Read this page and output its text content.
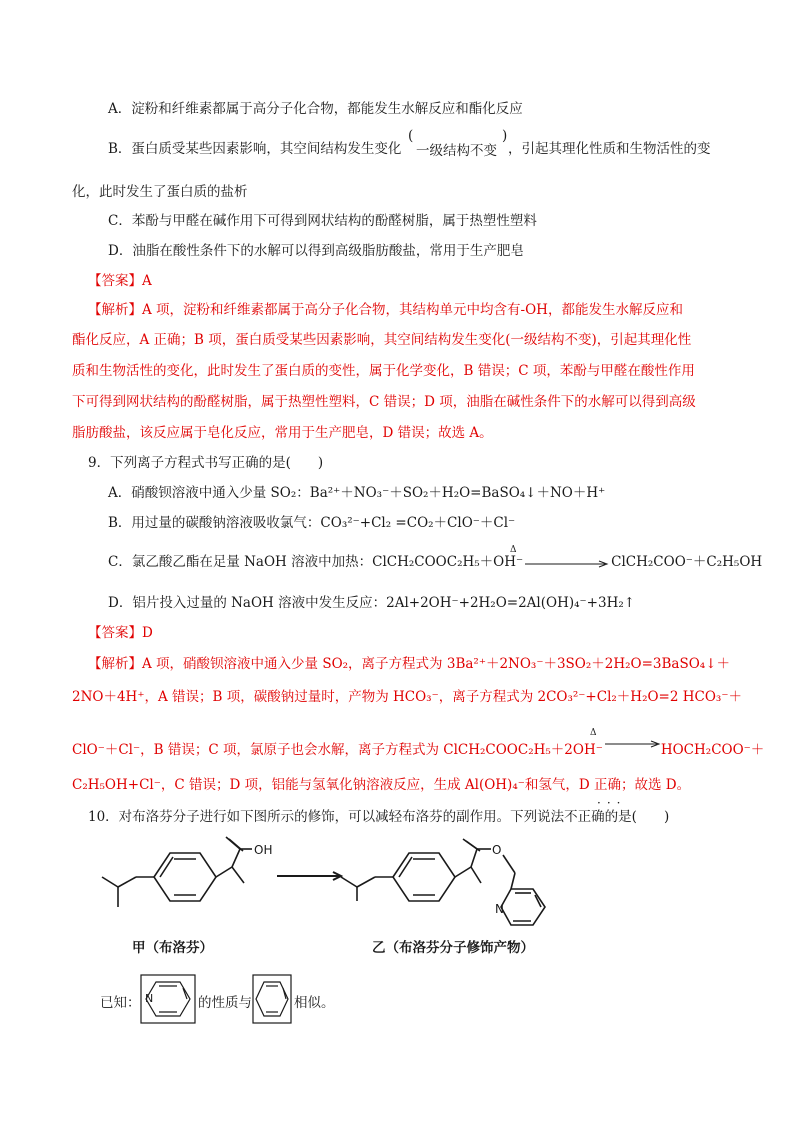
A．淀粉和纤维素都属于高分子化合物，都能发生水解反应和酯化反应
B．蛋白质受某些因素影响，其空间结构发生变化
(	)
一级结构不变 ，引起其理化性质和生物活性的变
化，此时发生了蛋白质的盐析
C．苯酚与甲醛在碱作用下可得到网状结构的酚醛树脂，属于热塑性塑料
D．油脂在酸性条件下的水解可以得到高级脂肪酸盐，常用于生产肥皂
【答案】A
【解析】A 项，淀粉和纤维素都属于高分子化合物，其结构单元中均含有-OH，都能发生水解反应和
酯化反应，A 正确；B 项，蛋白质受某些因素影响，其空间结构发生变化(一级结构不变)，引起其理化性
质和生物活性的变化，此时发生了蛋白质的变性，属于化学变化，B 错误；C 项，苯酚与甲醛在酸性作用
下可得到网状结构的酚醛树脂，属于热塑性塑料，C 错误；D 项，油脂在碱性条件下的水解可以得到高级
脂肪酸盐，该反应属于皂化反应，常用于生产肥皂，D 错误；故选 A。
9．下列离子方程式书写正确的是(　　)
A．硝酸钡溶液中通入少量 SO₂：Ba²⁺＋NO₃⁻＋SO₂＋H₂O=BaSO₄↓＋NO＋H⁺
B．用过量的碳酸钠溶液吸收氯气：CO₃²⁻+Cl₂ =CO₂＋ClO⁻＋Cl⁻
C．氯乙酸乙酯在足量 NaOH 溶液中加热：ClCH₂COOC₂H₅＋OH⁻	ClCH₂COO⁻＋C₂H₅OH
Δ
D．铝片投入过量的 NaOH 溶液中发生反应：2Al+2OH⁻+2H₂O=2Al(OH)₄⁻+3H₂↑
【答案】D
【解析】A 项，硝酸钡溶液中通入少量 SO₂，离子方程式为 3Ba²⁺＋2NO₃⁻＋3SO₂＋2H₂O=3BaSO₄↓＋
2NO＋4H⁺，A 错误；B 项，碳酸钠过量时，产物为 HCO₃⁻，离子方程式为 2CO₃²⁻+Cl₂＋H₂O=2 HCO₃⁻＋
ClO⁻＋Cl⁻，B 错误；C 项，氯原子也会水解，离子方程式为 ClCH₂COOC₂H₅＋2OH⁻	HOCH₂COO⁻＋
Δ
C₂H₅OH+Cl⁻，C 错误；D 项，铝能与氢氧化钠溶液反应，生成 Al(OH)₄⁻和氢气，D 正确；故选 D。
10．对布洛芬分子进行如下图所示的修饰，可以减轻布洛芬的副作用。下列说法不正确的是(　　)
···
OH	O
N
甲（布洛芬）	乙（布洛芬分子修饰产物）
已知： N	的性质与	相似。
